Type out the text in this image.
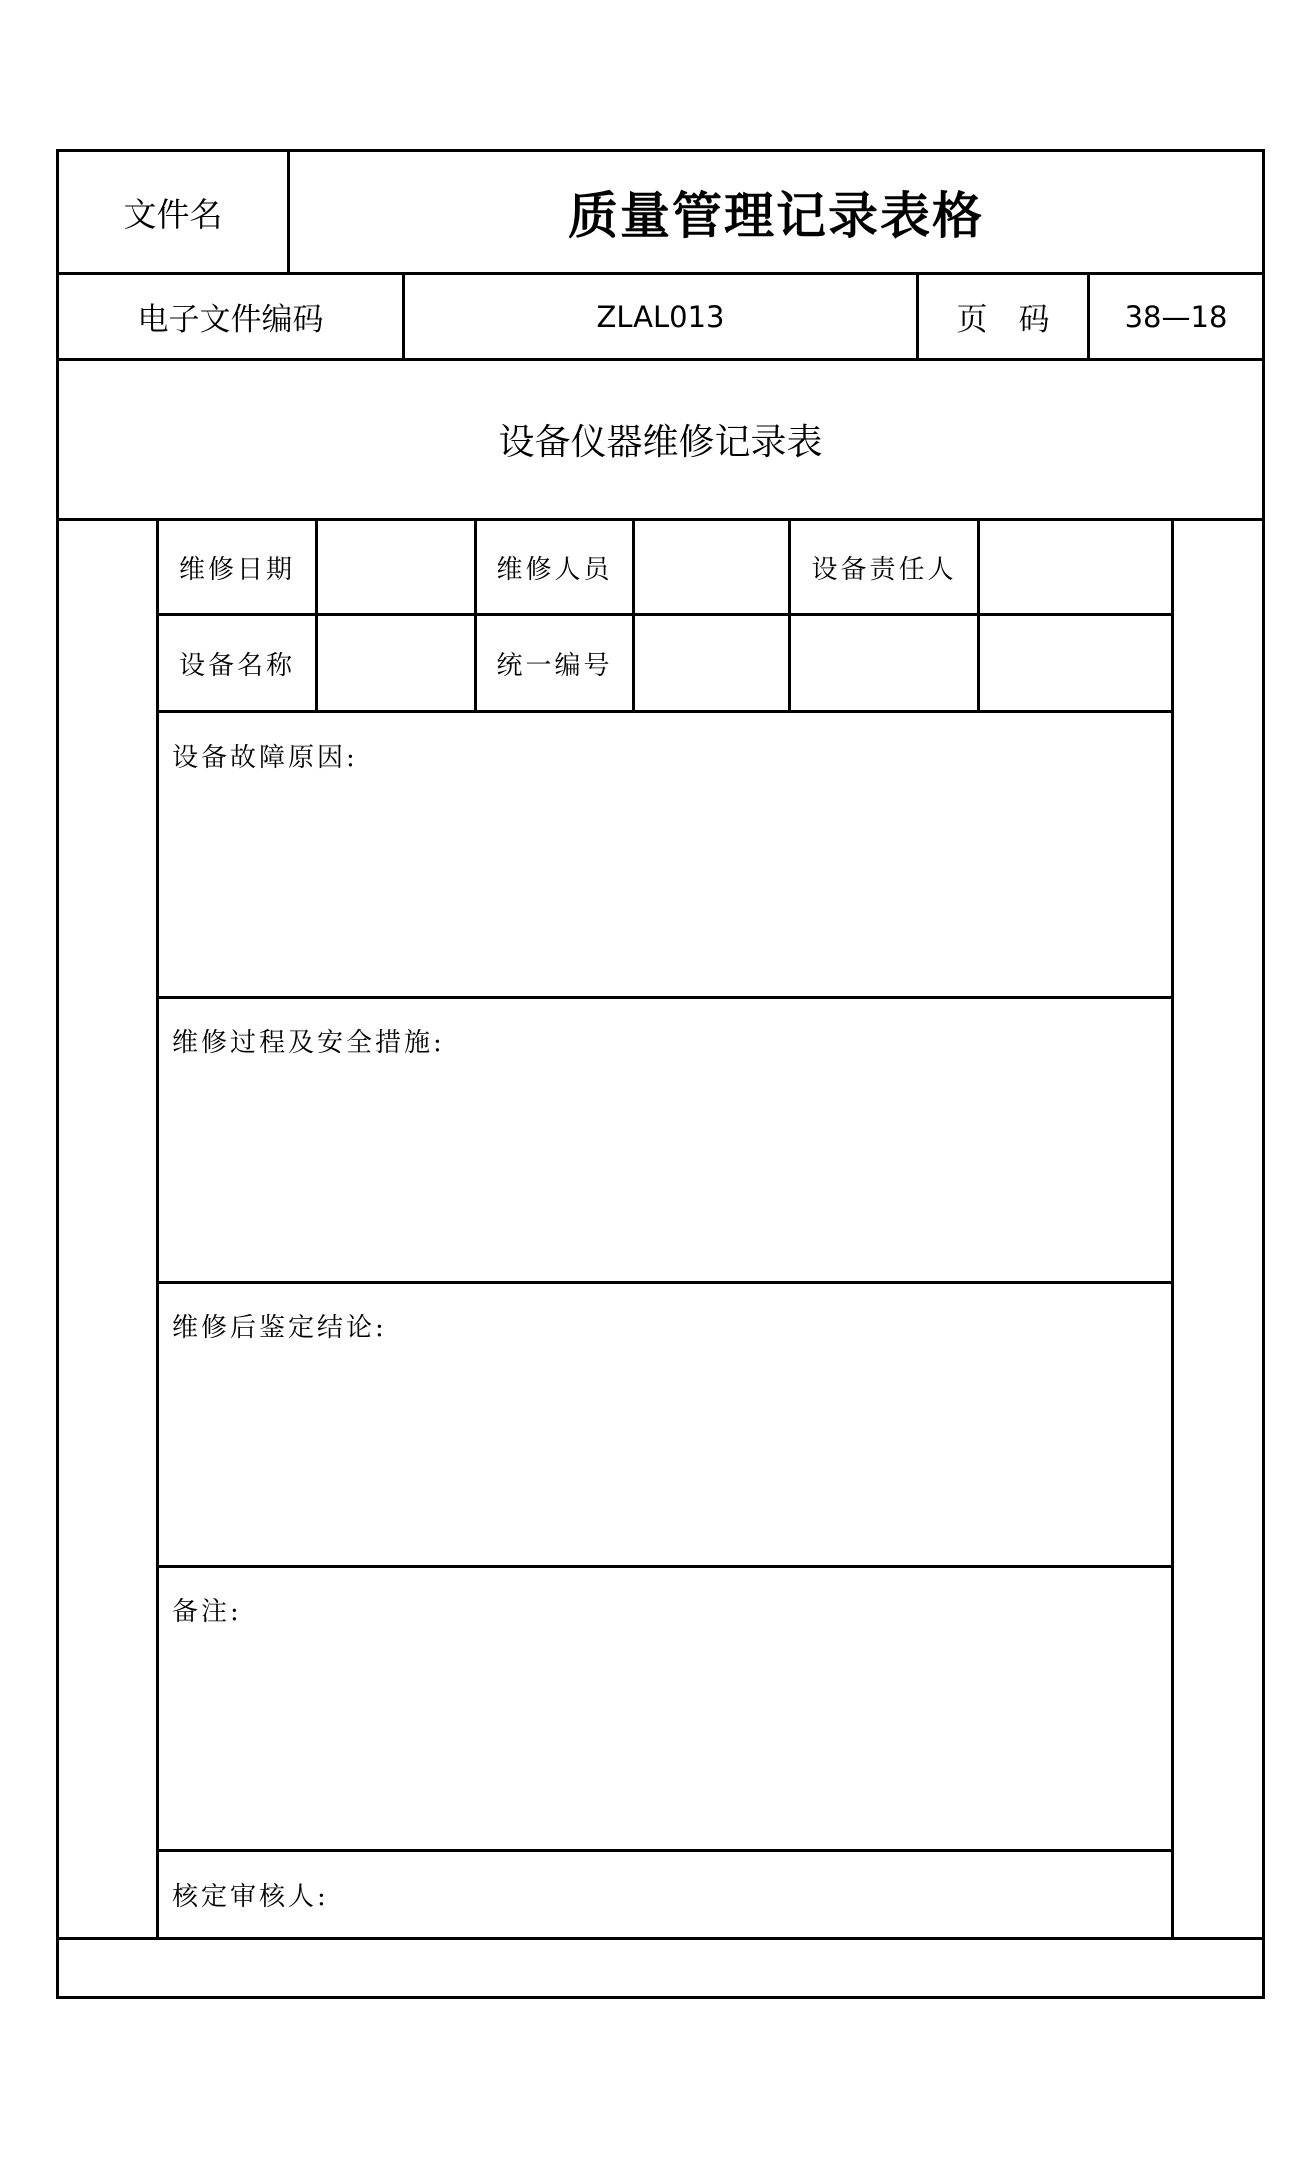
文件名	质量管理记录表格
电子文件编码	ZLAL013	页　码	38—18
设备仪器维修记录表
维修日期	维修人员	设备责任人
设备名称	统一编号
设备故障原因:
维修过程及安全措施:
维修后鉴定结论:
备注:
核定审核人:
